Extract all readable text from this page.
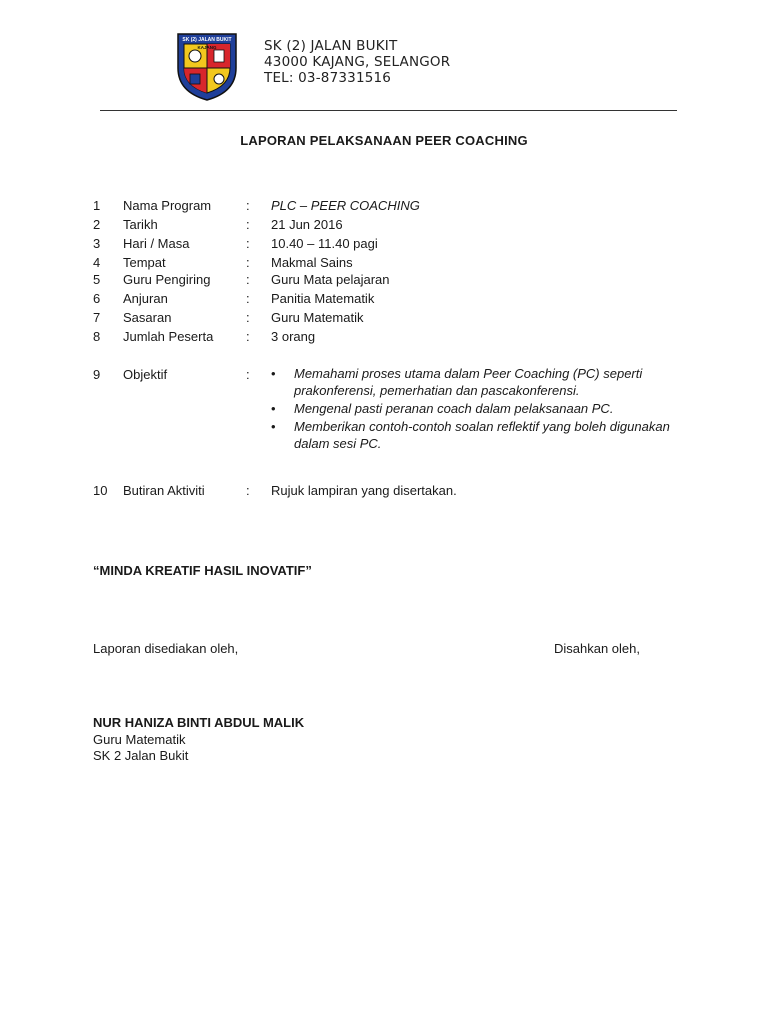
SK (2) JALAN BUKIT
KAJANG	SK (2) JALAN BUKIT
43000 KAJANG, SELANGOR
TEL: 03-87331516
LAPORAN PELAKSANAAN PEER COACHING
1 Nama Program	: PLC – PEER COACHING
2 Tarikh	: 21 Jun 2016
3 Hari / Masa	: 10.40 – 11.40 pagi
4 Tempat	: Makmal Sains
5 Guru Pengiring	: Guru Mata pelajaran
6 Anjuran	: Panitia Matematik
7 Sasaran	: Guru Matematik
8 Jumlah Peserta	: 3 orang
9 Objektif	: • Memahami proses utama dalam Peer Coaching (PC) seperti prakonferensi, pemerhatian dan pascakonferensi.
• Mengenal pasti peranan coach dalam pelaksanaan PC.
• Memberikan contoh-contoh soalan reflektif yang boleh digunakan dalam sesi PC.
10 Butiran Aktiviti	: Rujuk lampiran yang disertakan.
“MINDA KREATIF HASIL INOVATIF”
Laporan disediakan oleh,	Disahkan oleh,
NUR HANIZA BINTI ABDUL MALIK
Guru Matematik
SK 2 Jalan Bukit
